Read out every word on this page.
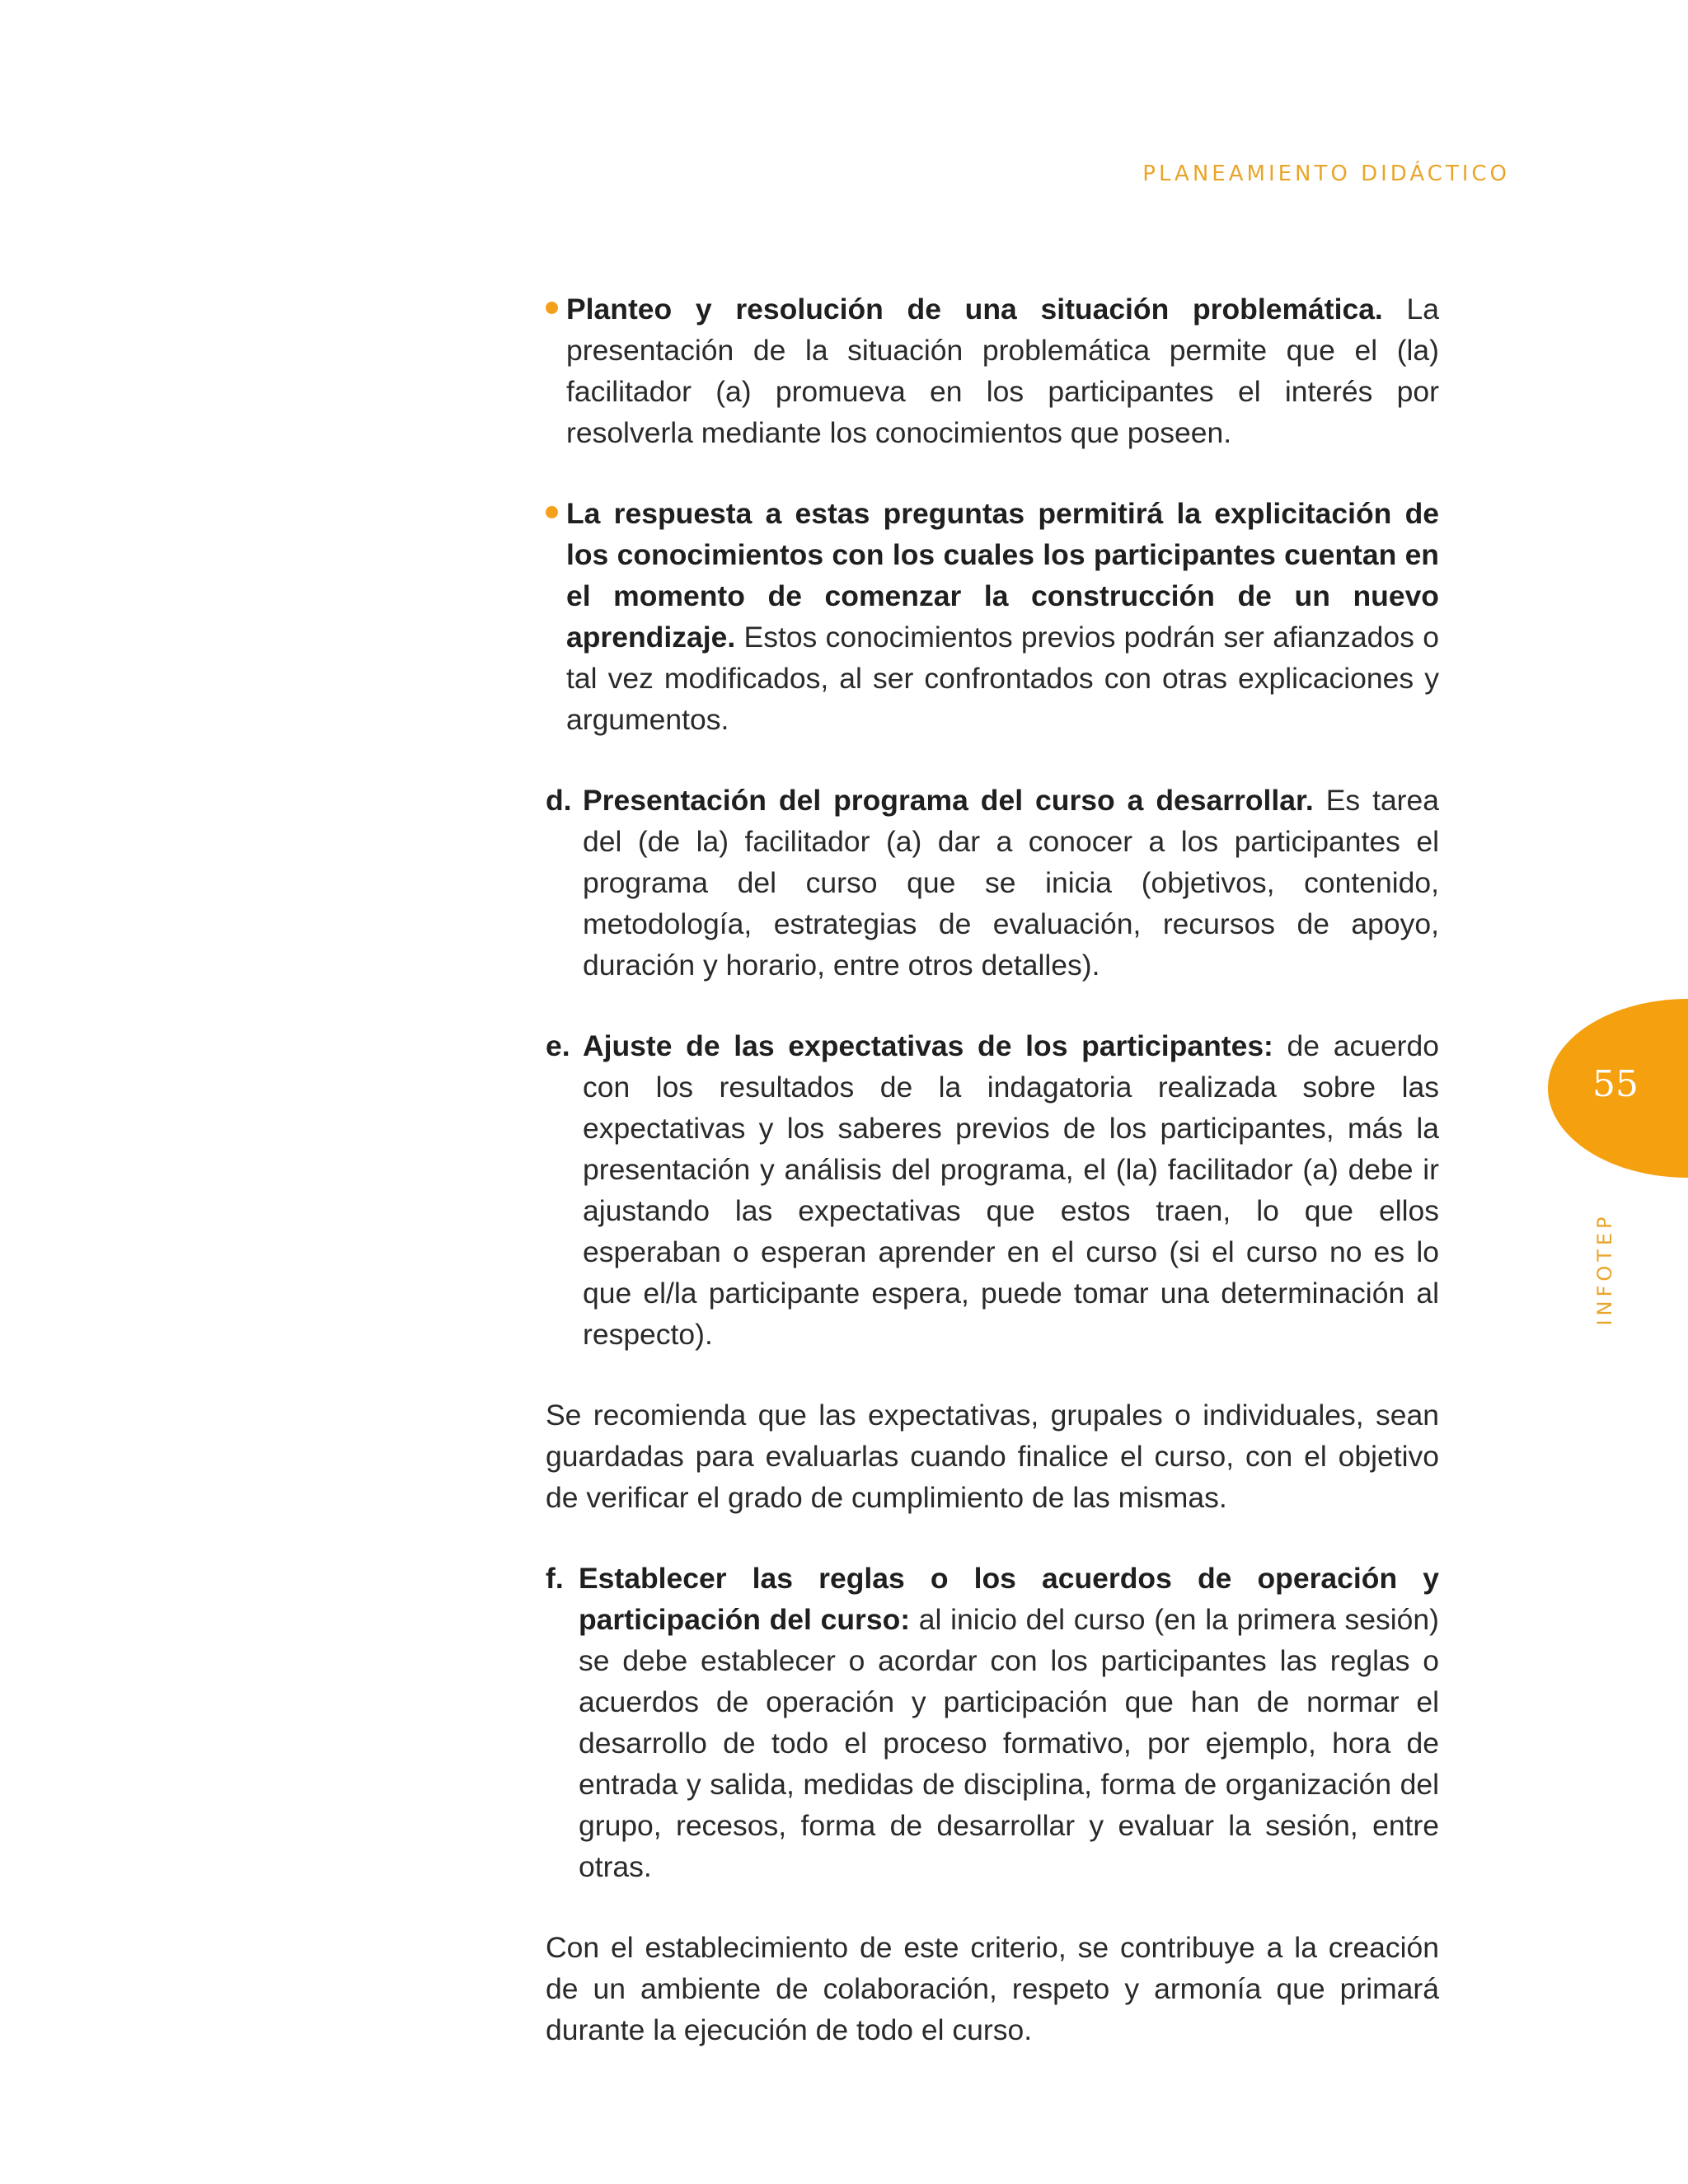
PLANEAMIENTO DIDÁCTICO
55
INFOTEP
Planteo y resolución de una situación problemática. La presentación de la situación problemática permite que el (la) facilitador (a) promueva en los participantes el interés por resolverla mediante los conocimientos que poseen.
La respuesta a estas preguntas permitirá la explicitación de los conocimientos con los cuales los participantes cuentan en el momento de comenzar la construcción de un nuevo aprendizaje. Estos conocimientos previos podrán ser afianzados o tal vez modificados, al ser confrontados con otras explicaciones y argumentos.
d. Presentación del programa del curso a desarrollar. Es tarea del (de la) facilitador (a) dar a conocer a los participantes el programa del curso que se inicia (objetivos, contenido, metodología, estrategias de evaluación, recursos de apoyo, duración y horario, entre otros detalles).
e. Ajuste de las expectativas de los participantes: de acuerdo con los resultados de la indagatoria realizada sobre las expectativas y los saberes previos de los participantes, más la presentación y análisis del programa, el (la) facilitador (a) debe ir ajustando las expectativas que estos traen, lo que ellos esperaban o esperan aprender en el curso (si el curso no es lo que el/la participante espera, puede tomar una determinación al respecto).
Se recomienda que las expectativas, grupales o individuales, sean guardadas para evaluarlas cuando finalice el curso, con el objetivo de verificar el grado de cumplimiento de las mismas.
f. Establecer las reglas o los acuerdos de operación y participación del curso: al inicio del curso (en la primera sesión) se debe establecer o acordar con los participantes las reglas o acuerdos de operación y participación que han de normar el desarrollo de todo el proceso formativo, por ejemplo, hora de entrada y salida, medidas de disciplina, forma de organización del grupo, recesos, forma de desarrollar y evaluar la sesión, entre otras.
Con el establecimiento de este criterio, se contribuye a la creación de un ambiente de colaboración, respeto y armonía que primará durante la ejecución de todo el curso.
